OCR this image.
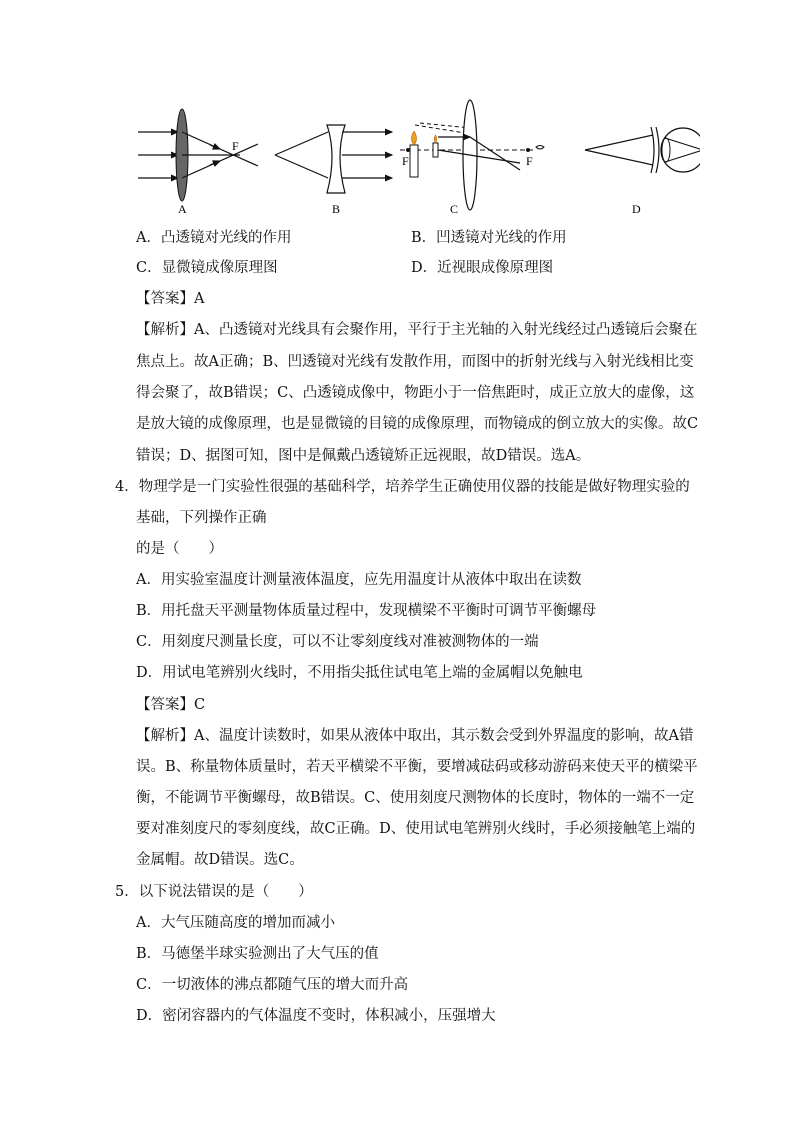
F
A	B
F	F
C	D
A．凸透镜对光线的作用	B．凹透镜对光线的作用
C．显微镜成像原理图	D．近视眼成像原理图
【答案】A
【解析】A、凸透镜对光线具有会聚作用，平行于主光轴的入射光线经过凸透镜后会聚在
焦点上。故A正确；B、凹透镜对光线有发散作用，而图中的折射光线与入射光线相比变
得会聚了，故B错误；C、凸透镜成像中，物距小于一倍焦距时，成正立放大的虚像，这
是放大镜的成像原理，也是显微镜的目镜的成像原理，而物镜成的倒立放大的实像。故C
错误；D、据图可知，图中是佩戴凸透镜矫正远视眼，故D错误。选A。
4．物理学是一门实验性很强的基础科学，培养学生正确使用仪器的技能是做好物理实验的
基础，下列操作正确
的是（　　）
A．用实验室温度计测量液体温度，应先用温度计从液体中取出在读数
B．用托盘天平测量物体质量过程中，发现横梁不平衡时可调节平衡螺母
C．用刻度尺测量长度，可以不让零刻度线对准被测物体的一端
D．用试电笔辨别火线时，不用指尖抵住试电笔上端的金属帽以免触电
【答案】C
【解析】A、温度计读数时，如果从液体中取出，其示数会受到外界温度的影响，故A错
误。B、称量物体质量时，若天平横梁不平衡，要增减砝码或移动游码来使天平的横梁平
衡，不能调节平衡螺母，故B错误。C、使用刻度尺测物体的长度时，物体的一端不一定
要对准刻度尺的零刻度线，故C正确。D、使用试电笔辨别火线时，手必须接触笔上端的
金属帽。故D错误。选C。
5．以下说法错误的是（　　）
A．大气压随高度的增加而减小
B．马德堡半球实验测出了大气压的值
C．一切液体的沸点都随气压的增大而升高
D．密闭容器内的气体温度不变时，体积减小，压强增大
